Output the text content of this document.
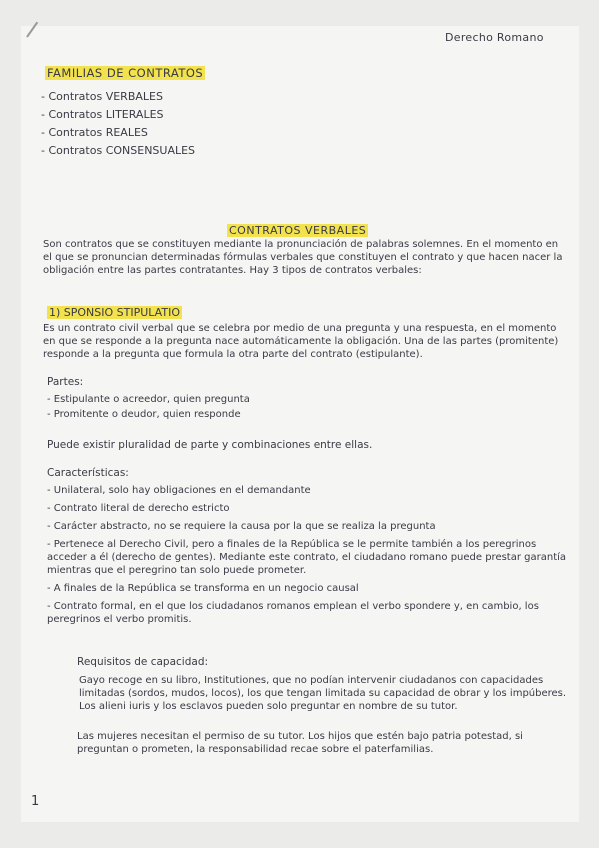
Derecho Romano
FAMILIAS DE CONTRATOS
- Contratos VERBALES
- Contratos LITERALES
- Contratos REALES
- Contratos CONSENSUALES
CONTRATOS VERBALES
Son contratos que se constituyen mediante la pronunciación de palabras solemnes. En el momento en el que se pronuncian determinadas fórmulas verbales que constituyen el contrato y que hacen nacer la obligación entre las partes contratantes. Hay 3 tipos de contratos verbales:
1) SPONSIO STIPULATIO
Es un contrato civil verbal que se celebra por medio de una pregunta y una respuesta, en el momento en que se responde a la pregunta nace automáticamente la obligación. Una de las partes (promitente) responde a la pregunta que formula la otra parte del contrato (estipulante).
Partes:
- Estipulante o acreedor, quien pregunta
- Promitente o deudor, quien responde
Puede existir pluralidad de parte y combinaciones entre ellas.
Características:
- Unilateral, solo hay obligaciones en el demandante
- Contrato literal de derecho estricto
- Carácter abstracto, no se requiere la causa por la que se realiza la pregunta
- Pertenece al Derecho Civil, pero a finales de la República se le permite también a los peregrinos acceder a él (derecho de gentes). Mediante este contrato, el ciudadano romano puede prestar garantía mientras que el peregrino tan solo puede prometer.
- A finales de la República se transforma en un negocio causal
- Contrato formal, en el que los ciudadanos romanos emplean el verbo spondere y, en cambio, los peregrinos el verbo promitis.
Requisitos de capacidad:
Gayo recoge en su libro, Institutiones, que no podían intervenir ciudadanos con capacidades limitadas (sordos, mudos, locos), los que tengan limitada su capacidad de obrar y los impúberes. Los alieni iuris y los esclavos pueden solo preguntar en nombre de su tutor.
Las mujeres necesitan el permiso de su tutor. Los hijos que estén bajo patria potestad, si preguntan o prometen, la responsabilidad recae sobre el paterfamilias.
1
